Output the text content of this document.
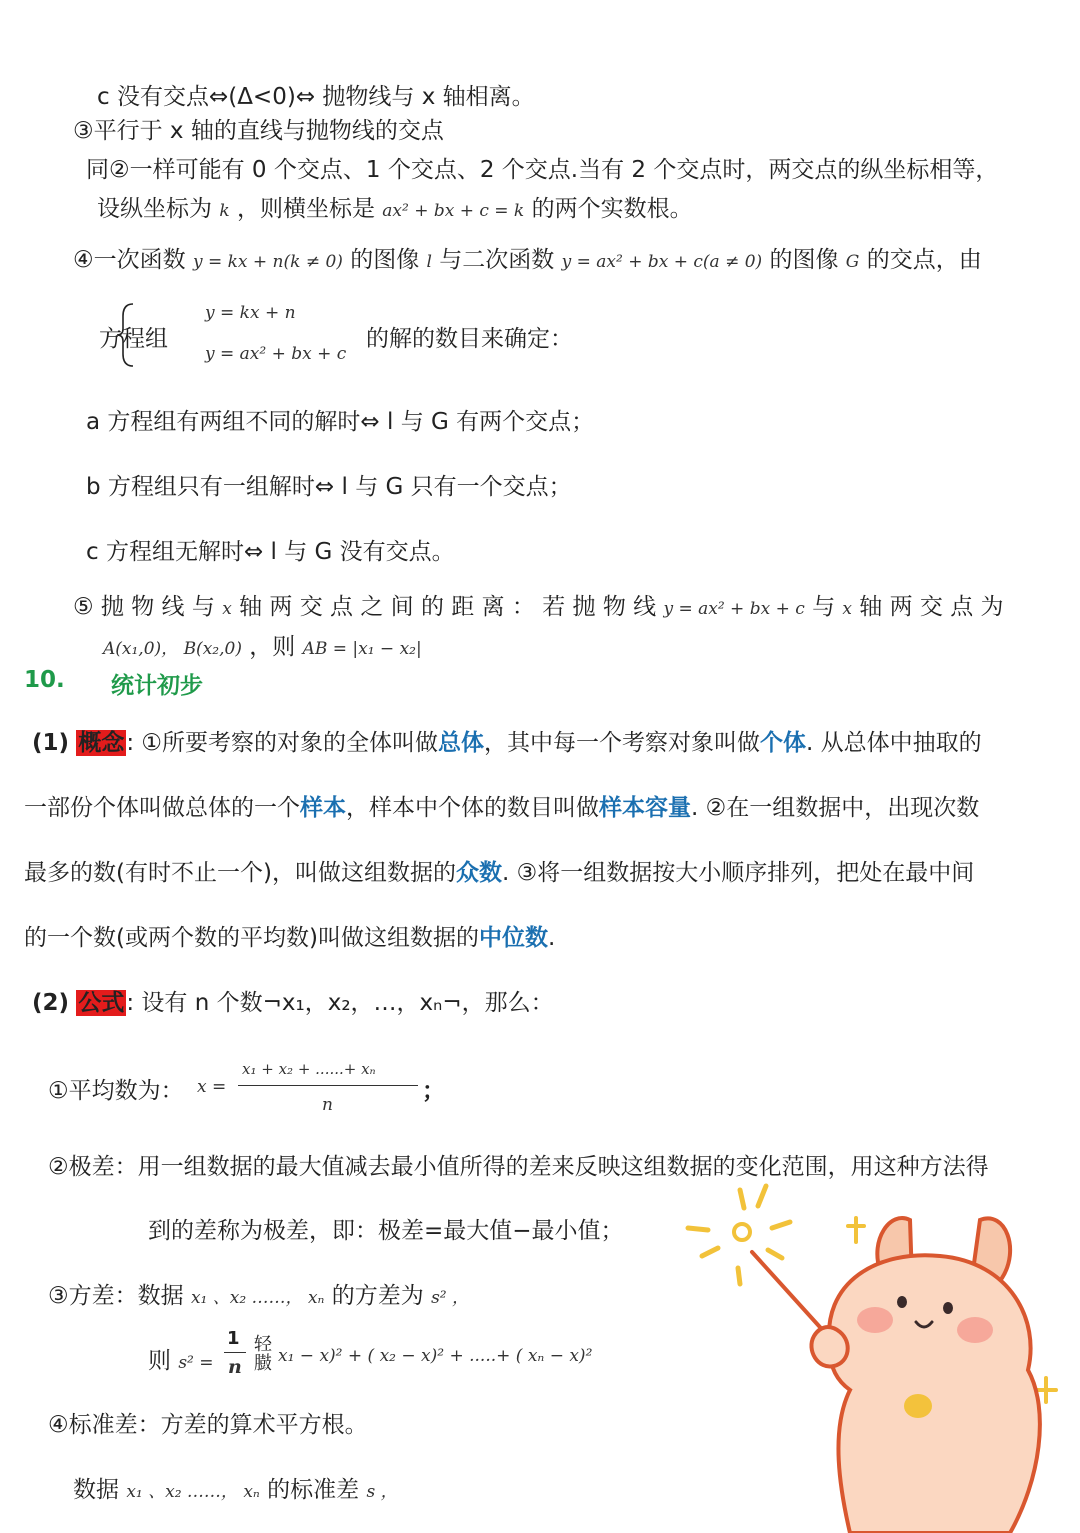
c 没有交点⇔(Δ<0)⇔ 抛物线与 x 轴相离。
③平行于 x 轴的直线与抛物线的交点
同②一样可能有 0 个交点、1 个交点、2 个交点.当有 2 个交点时，两交点的纵坐标相等，
设纵坐标为 k ，则横坐标是 ax² + bx + c = k 的两个实数根。
④一次函数 y = kx + n(k ≠ 0) 的图像 l 与二次函数 y = ax² + bx + c(a ≠ 0) 的图像 G 的交点，由
方程组
y = kx + n
y = ax² + bx + c
的解的数目来确定：
a 方程组有两组不同的解时⇔ l 与 G 有两个交点；
b 方程组只有一组解时⇔ l 与 G 只有一个交点；
c 方程组无解时⇔ l 与 G 没有交点。
⑤ 抛 物 线 与 x 轴 两 交 点 之 间 的 距 离 ： 若 抛 物 线 y = ax² + bx + c 与 x 轴 两 交 点 为
A(x₁,0)， B(x₂,0) ，则 AB = |x₁ − x₂|
10. 统计初步
(1) 概念: ①所要考察的对象的全体叫做总体，其中每一个考察对象叫做个体. 从总体中抽取的
一部份个体叫做总体的一个样本，样本中个体的数目叫做样本容量. ②在一组数据中，出现次数
最多的数(有时不止一个)，叫做这组数据的众数. ③将一组数据按大小顺序排列，把处在最中间
的一个数(或两个数的平均数)叫做这组数据的中位数.
(2) 公式: 设有 n 个数¬x₁，x₂，…，xₙ¬，那么：
①平均数为： x =
x₁ + x₂ + ......+ xₙ
n
；
②极差：用一组数据的最大值减去最小值所得的差来反映这组数据的变化范围，用这种方法得
到的差称为极差，即：极差=最大值−最小值；
③方差：数据 x₁ 、x₂ ……， xₙ 的方差为 s² ，
则 s² =
1
n
轻臌 x₁ − x)² + ( x₂ − x)² + .....+ ( xₙ − x)²
④标准差：方差的算术平方根。
数据 x₁ 、x₂ ……， xₙ 的标准差 s ，
